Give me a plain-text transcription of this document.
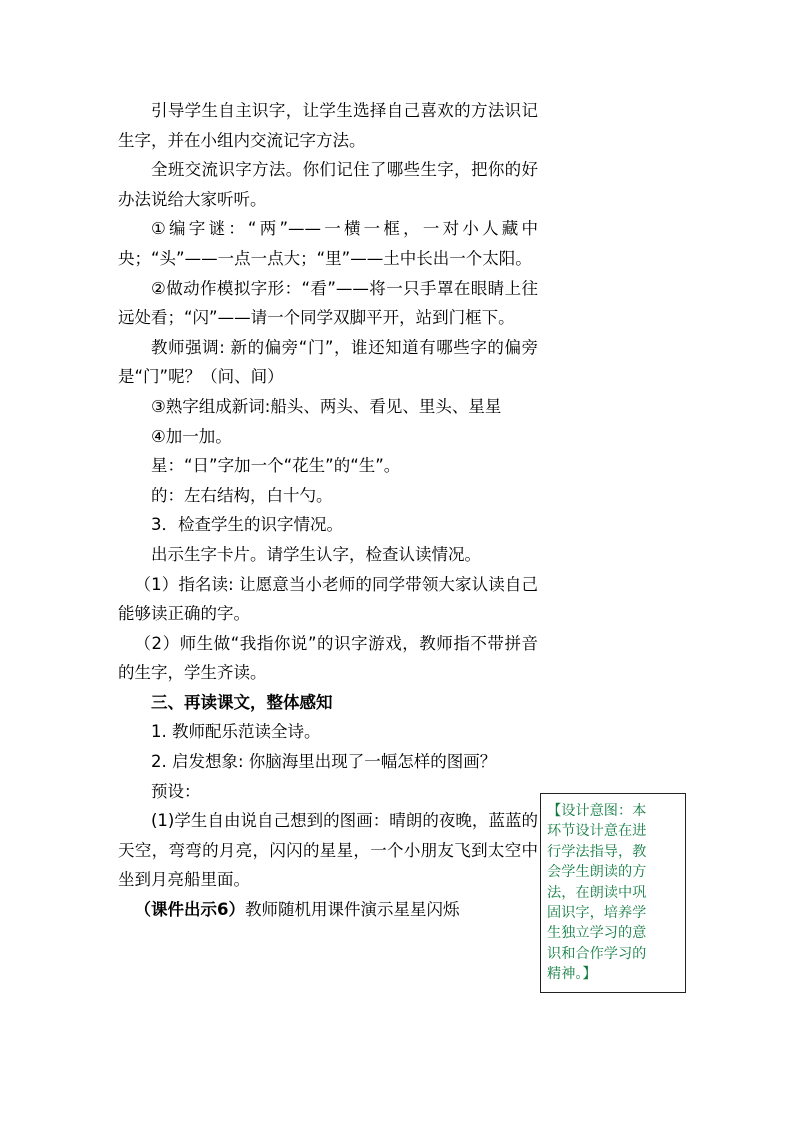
引导学生自主识字，让学生选择自己喜欢的方法识记生字，并在小组内交流记字方法。

全班交流识字方法。你们记住了哪些生字，把你的好办法说给大家听听。

①编字谜：“两”——一横一框，一对小人藏中央；“头”——一点一点大；“里”——土中长出一个太阳。

②做动作模拟字形：“看”——将一只手罩在眼睛上往远处看；“闪”——请一个同学双脚平开，站到门框下。

教师强调: 新的偏旁“门”，谁还知道有哪些字的偏旁是“门”呢？（问、间）

③熟字组成新词:船头、两头、看见、里头、星星

④加一加。

星：“日”字加一个“花生”的“生”。

的：左右结构，白十勺。

3．检查学生的识字情况。

出示生字卡片。请学生认字，检查认读情况。

（1）指名读: 让愿意当小老师的同学带领大家认读自己能够读正确的字。

（2）师生做“我指你说”的识字游戏，教师指不带拼音的生字，学生齐读。

三、再读课文，整体感知

1. 教师配乐范读全诗。

2. 启发想象: 你脑海里出现了一幅怎样的图画？

预设：

(1)学生自由说自己想到的图画：晴朗的夜晚，蓝蓝的天空，弯弯的月亮，闪闪的星星，一个小朋友飞到太空中坐到月亮船里面。

（课件出示6）教师随机用课件演示星星闪烁

【设计意图：本
环节设计意在进
行学法指导，教
会学生朗读的方
法，在朗读中巩
固识字，培养学
生独立学习的意
识和合作学习的
精神。】
